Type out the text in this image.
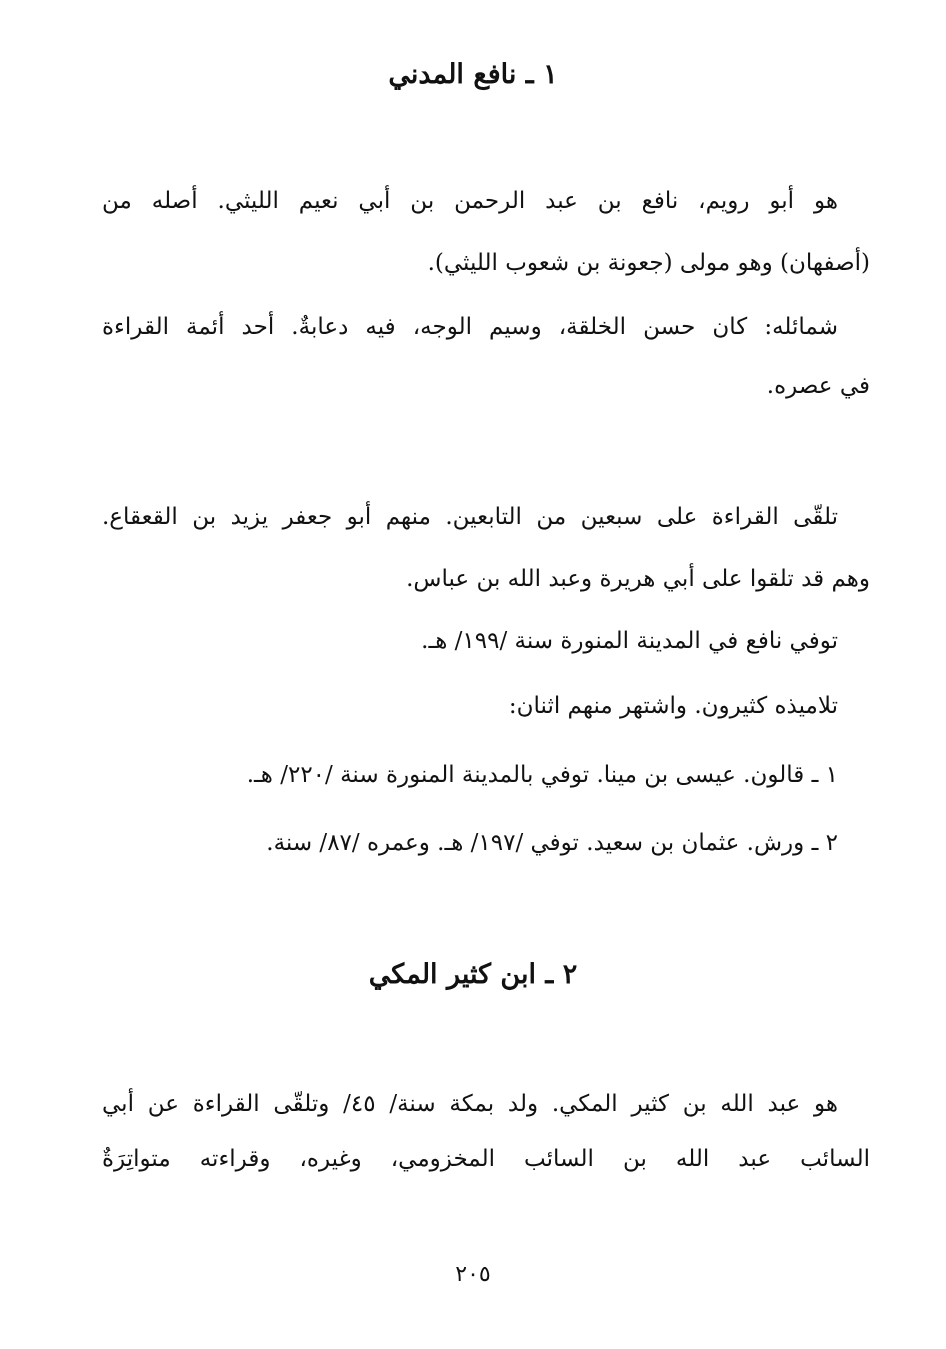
١ ـ نافع المدني

هو أبو رويم، نافع بن عبد الرحمن بن أبي نعيم الليثي. أصله من

(أصفهان) وهو مولى (جعونة بن شعوب الليثي).

شمائله: كان حسن الخلقة، وسيم الوجه، فيه دعابةٌ. أحد أئمة القراءة

في عصره.

تلقّى القراءة على سبعين من التابعين. منهم أبو جعفر يزيد بن القعقاع.

وهم قد تلقوا على أبي هريرة وعبد الله بن عباس.

توفي نافع في المدينة المنورة سنة /١٩٩/ هـ.

تلاميذه كثيرون. واشتهر منهم اثنان:

١ ـ قالون. عيسى بن مينا. توفي بالمدينة المنورة سنة /٢٢٠/ هـ.

٢ ـ ورش. عثمان بن سعيد. توفي /١٩٧/ هـ. وعمره /٨٧/ سنة.

٢ ـ ابن كثير المكي

هو عبد الله بن كثير المكي. ولد بمكة سنة/ ٤٥/ وتلقّى القراءة عن أبي

السائب عبد الله بن السائب المخزومي، وغيره، وقراءته متواتِرَةٌ

٢٠٥
